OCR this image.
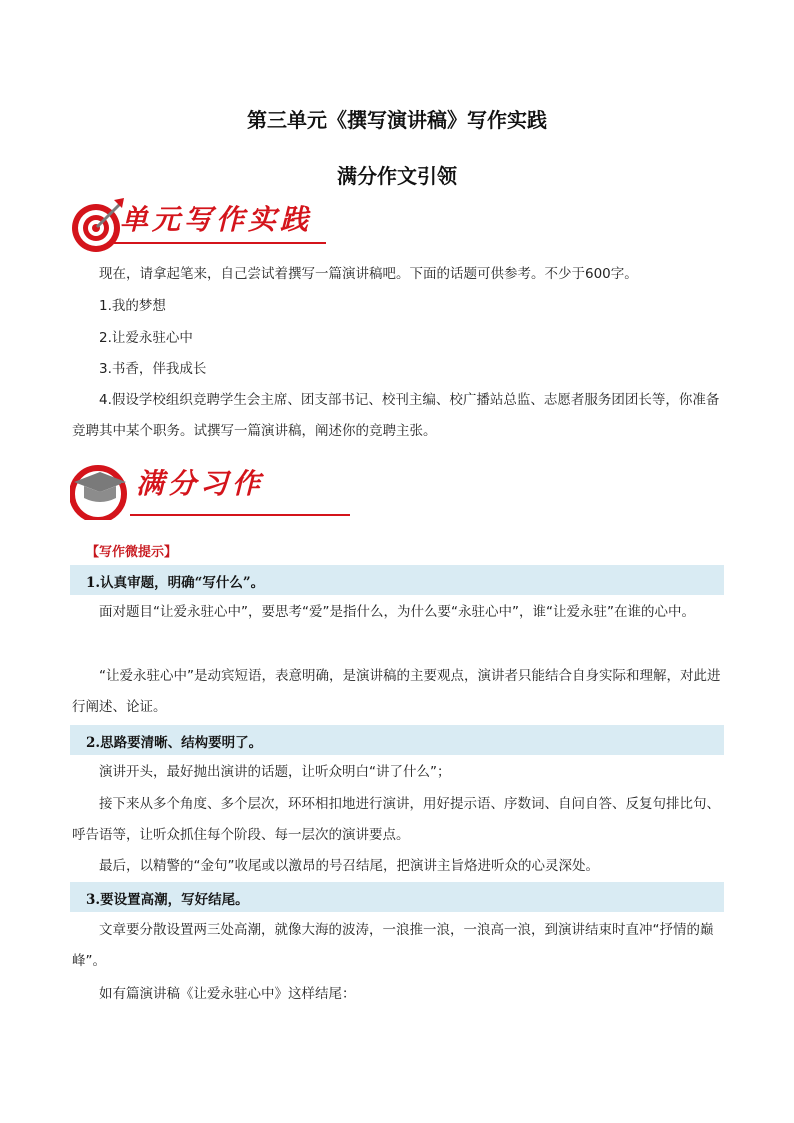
第三单元《撰写演讲稿》写作实践
满分作文引领
单元写作实践
现在，请拿起笔来，自己尝试着撰写一篇演讲稿吧。下面的话题可供参考。不少于600字。
1.我的梦想
2.让爱永驻心中
3.书香，伴我成长
4.假设学校组织竞聘学生会主席、团支部书记、校刊主编、校广播站总监、志愿者服务团团长等，你准备竞聘其中某个职务。试撰写一篇演讲稿，阐述你的竞聘主张。
满分习作
【写作微提示】
1.认真审题，明确“写什么”。
面对题目“让爱永驻心中”，要思考“爱”是指什么，为什么要“永驻心中”，谁“让爱永驻”在谁的心中。
“让爱永驻心中”是动宾短语，表意明确，是演讲稿的主要观点，演讲者只能结合自身实际和理解，对此进行阐述、论证。
2.思路要清晰、结构要明了。
演讲开头，最好抛出演讲的话题，让听众明白“讲了什么”；
接下来从多个角度、多个层次，环环相扣地进行演讲，用好提示语、序数词、自问自答、反复句排比句、呼告语等，让听众抓住每个阶段、每一层次的演讲要点。
最后，以精警的“金句”收尾或以激昂的号召结尾，把演讲主旨烙进听众的心灵深处。
3.要设置高潮，写好结尾。
文章要分散设置两三处高潮，就像大海的波涛，一浪推一浪，一浪高一浪，到演讲结束时直冲“抒情的巅峰”。
如有篇演讲稿《让爱永驻心中》这样结尾：
